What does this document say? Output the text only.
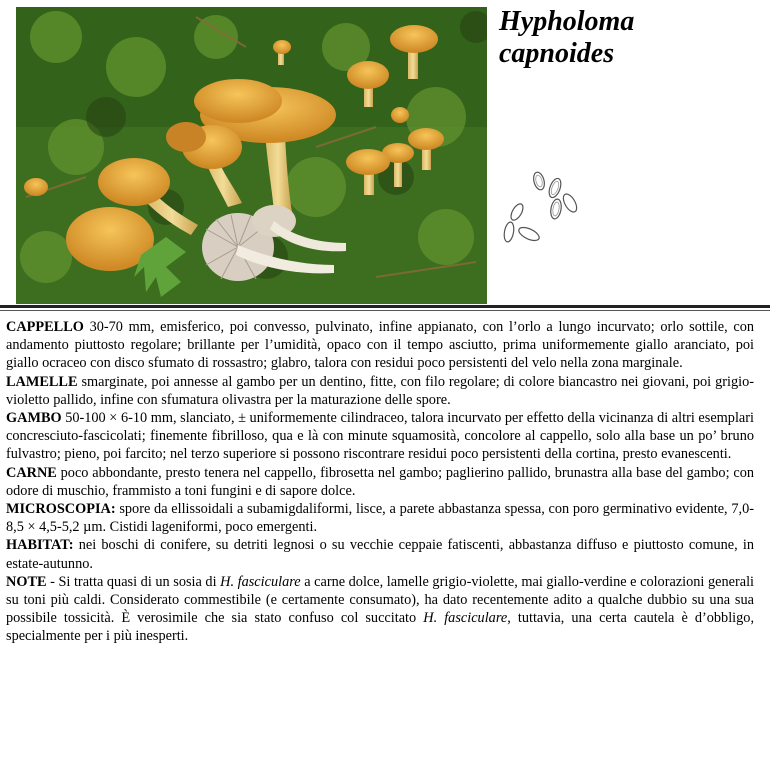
Hypholoma
capnoides

CAPPELLO 30-70 mm, emisferico, poi convesso, pulvinato, infine appianato, con l’orlo a lungo incurvato; orlo sottile, con andamento piuttosto regolare; brillante per l’umidità, opaco con il tempo asciutto, prima uniformemente giallo aranciato, poi giallo ocraceo con disco sfumato di rossastro; glabro, talora con residui poco persistenti del velo nella zona marginale.

LAMELLE smarginate, poi annesse al gambo per un dentino, fitte, con filo regolare; di colore biancastro nei giovani, poi grigio-violetto pallido, infine con sfumatura olivastra per la maturazione delle spore.

GAMBO 50-100 × 6-10 mm, slanciato, ± uniformemente cilindraceo, talora incurvato per effetto della vicinanza di altri esemplari concresciuto-fascicolati; finemente fibrilloso, qua e là con minute squamosità, concolore al cappello, solo alla base un po’ bruno fulvastro; pieno, poi farcito; nel terzo superiore si possono riscontrare residui poco persistenti della cortina, presto evanescenti.

CARNE poco abbondante, presto tenera nel cappello, fibrosetta nel gambo; paglierino pallido, brunastra alla base del gambo; con odore di muschio, frammisto a toni fungini e di sapore dolce.

MICROSCOPIA: spore da ellissoidali a subamigdaliformi, lisce, a parete abbastanza spessa, con poro germinativo evidente, 7,0-8,5 × 4,5-5,2 µm. Cistidi lageniformi, poco emergenti.

HABITAT: nei boschi di conifere, su detriti legnosi o su vecchie ceppaie fatiscenti, abbastanza diffuso e piuttosto comune, in estate-autunno.

NOTE - Si tratta quasi di un sosia di H. fasciculare a carne dolce, lamelle grigio-violette, mai giallo-verdine e colorazioni generali su toni più caldi. Considerato commestibile (e certamente consumato), ha dato recentemente adito a qualche dubbio su una sua possibile tossicità. È verosimile che sia stato confuso col succitato H. fasciculare, tuttavia, una certa cautela è d’obbligo, specialmente per i più inesperti.
